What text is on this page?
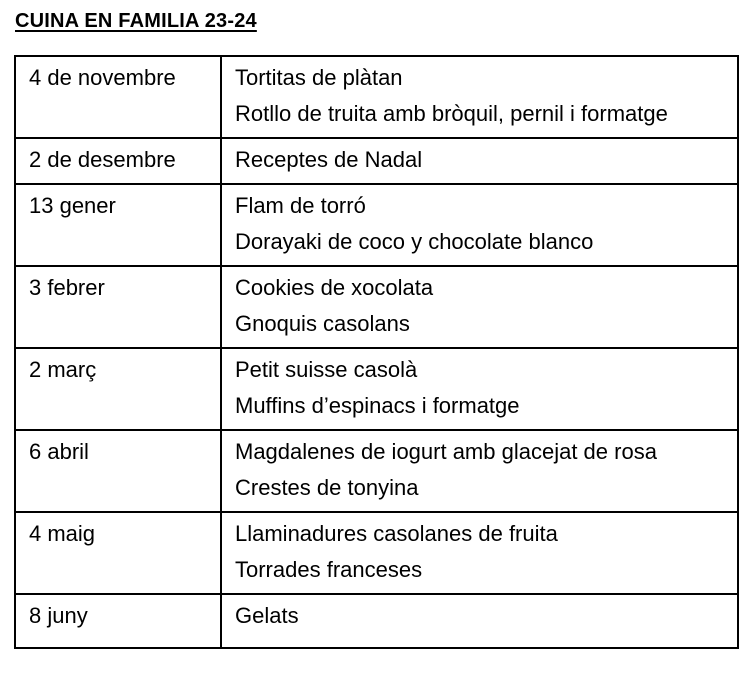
CUINA EN FAMILIA 23-24
4 de novembre	Tortitas de plàtan
Rotllo de truita amb bròquil, pernil i formatge

2 de desembre	Receptes de Nadal

13 gener	Flam de torró
Dorayaki de coco y chocolate blanco

3 febrer	Cookies de xocolata
Gnoquis casolans

2 març	Petit suisse casolà
Muffins d’espinacs i formatge

6 abril	Magdalenes de iogurt amb glacejat de rosa
Crestes de tonyina

4 maig	Llaminadures casolanes de fruita
Torrades franceses

8 juny	Gelats
